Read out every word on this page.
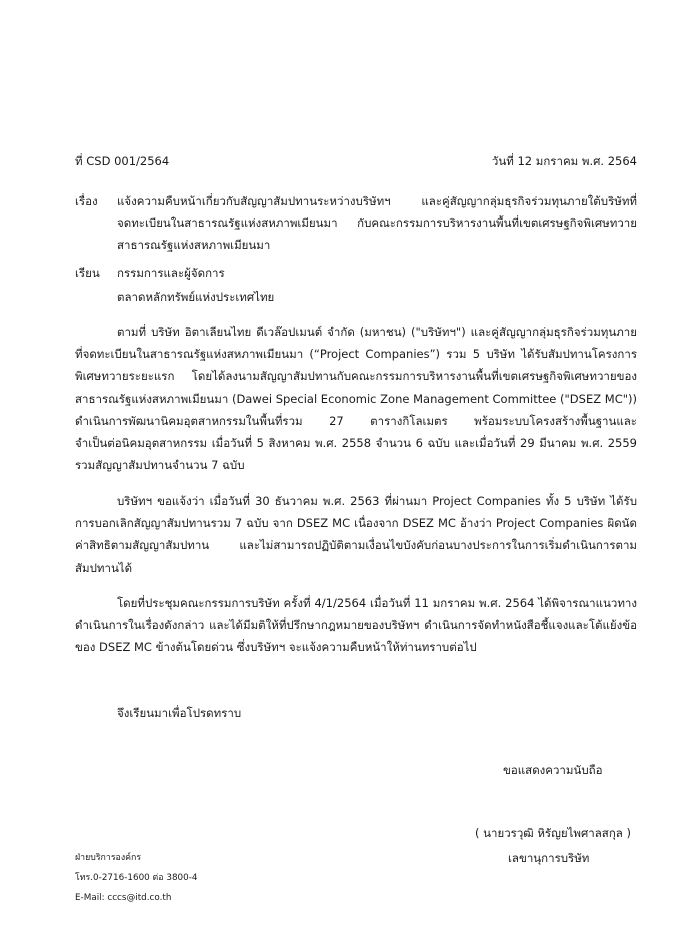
ที่ CSD 001/2564	วันที่ 12 มกราคม พ.ศ. 2564
เรื่อง แจ้งความคืบหน้าเกี่ยวกับสัญญาสัมปทานระหว่างบริษัทฯ และคู่สัญญากลุ่มธุรกิจร่วมทุนภายใต้บริษัทที่
จดทะเบียนในสาธารณรัฐแห่งสหภาพเมียนมา กับคณะกรรมการบริหารงานพื้นที่เขตเศรษฐกิจพิเศษทวาย
สาธารณรัฐแห่งสหภาพเมียนมา
เรียน กรรมการและผู้จัดการ
ตลาดหลักทรัพย์แห่งประเทศไทย
ตามที่ บริษัท อิตาเลียนไทย ดีเวล๊อปเมนต์ จำกัด (มหาชน) ("บริษัทฯ") และคู่สัญญากลุ่มธุรกิจร่วมทุนภาย
ที่จดทะเบียนในสาธารณรัฐแห่งสหภาพเมียนมา (“Project Companies”) รวม 5 บริษัท ได้รับสัมปทานโครงการ
พิเศษทวายระยะแรก โดยได้ลงนามสัญญาสัมปทานกับคณะกรรมการบริหารงานพื้นที่เขตเศรษฐกิจพิเศษทวายของ
สาธารณรัฐแห่งสหภาพเมียนมา (Dawei Special Economic Zone Management Committee ("DSEZ MC"))
ดำเนินการพัฒนานิคมอุตสาหกรรมในพื้นที่รวม 27 ตารางกิโลเมตร พร้อมระบบโครงสร้างพื้นฐานและ
จำเป็นต่อนิคมอุตสาหกรรม เมื่อวันที่ 5 สิงหาคม พ.ศ. 2558 จำนวน 6 ฉบับ และเมื่อวันที่ 29 มีนาคม พ.ศ. 2559
รวมสัญญาสัมปทานจำนวน 7 ฉบับ
บริษัทฯ ขอแจ้งว่า เมื่อวันที่ 30 ธันวาคม พ.ศ. 2563 ที่ผ่านมา Project Companies ทั้ง 5 บริษัท ได้รับ
การบอกเลิกสัญญาสัมปทานรวม 7 ฉบับ จาก DSEZ MC เนื่องจาก DSEZ MC อ้างว่า Project Companies ผิดนัด
ค่าสิทธิตามสัญญาสัมปทาน และไม่สามารถปฏิบัติตามเงื่อนไขบังคับก่อนบางประการในการเริ่มดำเนินการตาม
สัมปทานได้
โดยที่ประชุมคณะกรรมการบริษัท ครั้งที่ 4/1/2564 เมื่อวันที่ 11 มกราคม พ.ศ. 2564 ได้พิจารณาแนวทาง
ดำเนินการในเรื่องดังกล่าว และได้มีมติให้ที่ปรึกษากฎหมายของบริษัทฯ ดำเนินการจัดทำหนังสือชี้แจงและโต้แย้งข้อ
ของ DSEZ MC ข้างต้นโดยด่วน ซึ่งบริษัทฯ จะแจ้งความคืบหน้าให้ท่านทราบต่อไป
จึงเรียนมาเพื่อโปรดทราบ
ขอแสดงความนับถือ
( นายวรวุฒิ หิรัญยไพศาลสกุล )
เลขานุการบริษัท
ฝ่ายบริการองค์กร
โทร.0-2716-1600 ต่อ 3800-4
E-Mail: cccs@itd.co.th
